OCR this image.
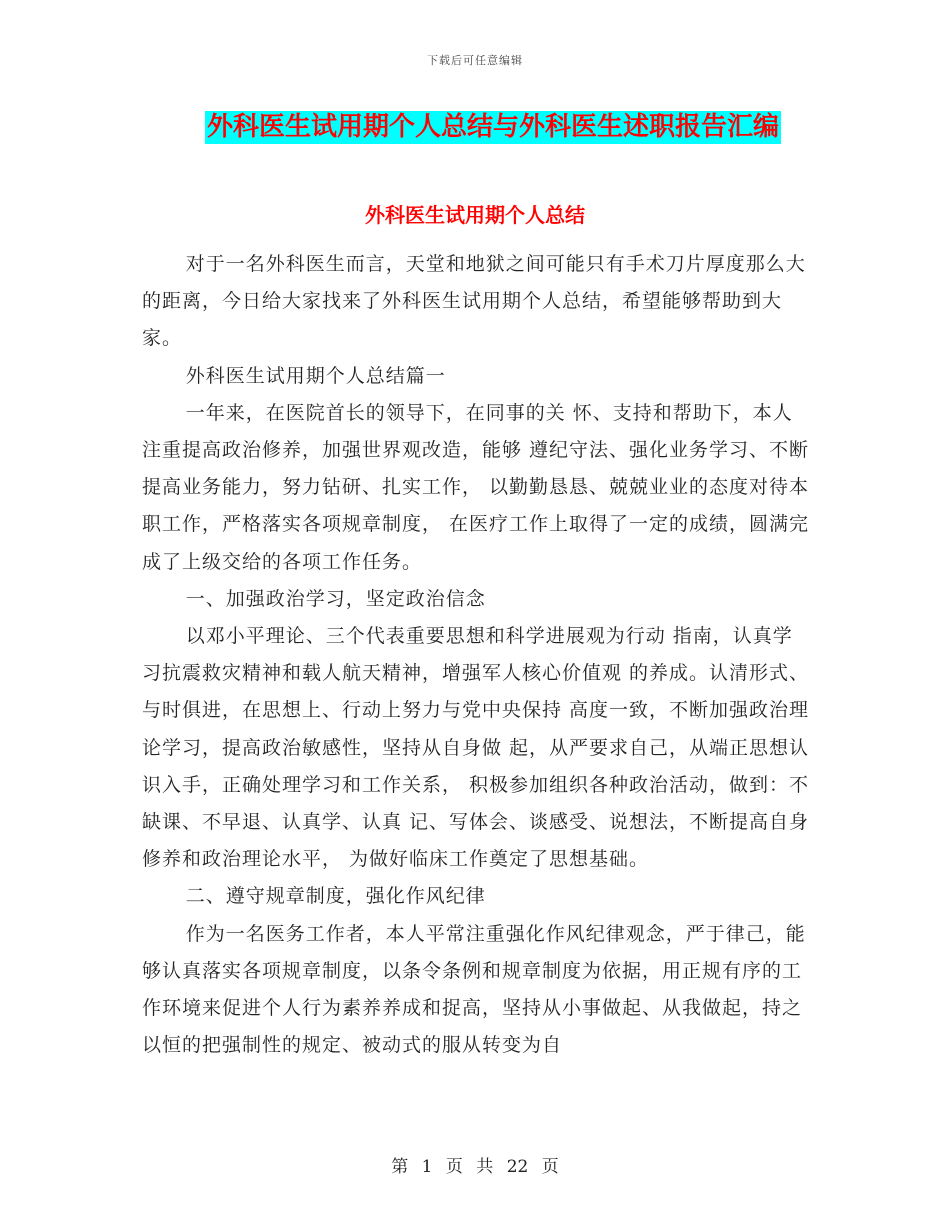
下载后可任意编辑
外科医生试用期个人总结与外科医生述职报告汇编
外科医生试用期个人总结

对于一名外科医生而言，天堂和地狱之间可能只有手术刀片厚度那么大的距离，今日给大家找来了外科医生试用期个人总结，希望能够帮助到大家。

外科医生试用期个人总结篇一

一年来，在医院首长的领导下，在同事的关 怀、支持和帮助下，本人注重提高政治修养，加强世界观改造，能够 遵纪守法、强化业务学习、不断提高业务能力，努力钻研、扎实工作， 以勤勤恳恳、兢兢业业的态度对待本职工作，严格落实各项规章制度， 在医疗工作上取得了一定的成绩，圆满完成了上级交给的各项工作任务。

一、加强政治学习，坚定政治信念

以邓小平理论、三个代表重要思想和科学进展观为行动 指南，认真学习抗震救灾精神和载人航天精神，增强军人核心价值观 的养成。认清形式、与时俱进，在思想上、行动上努力与党中央保持 高度一致，不断加强政治理论学习，提高政治敏感性，坚持从自身做 起，从严要求自己，从端正思想认识入手，正确处理学习和工作关系， 积极参加组织各种政治活动，做到：不缺课、不早退、认真学、认真 记、写体会、谈感受、说想法，不断提高自身修养和政治理论水平， 为做好临床工作奠定了思想基础。

二、遵守规章制度，强化作风纪律

作为一名医务工作者，本人平常注重强化作风纪律观念，严于律己，能够认真落实各项规章制度，以条令条例和规章制度为依据，用正规有序的工作环境来促进个人行为素养养成和捉高，坚持从小事做起、从我做起，持之以恒的把强制性的规定、被动式的服从转变为自

第 1 页 共 22 页
